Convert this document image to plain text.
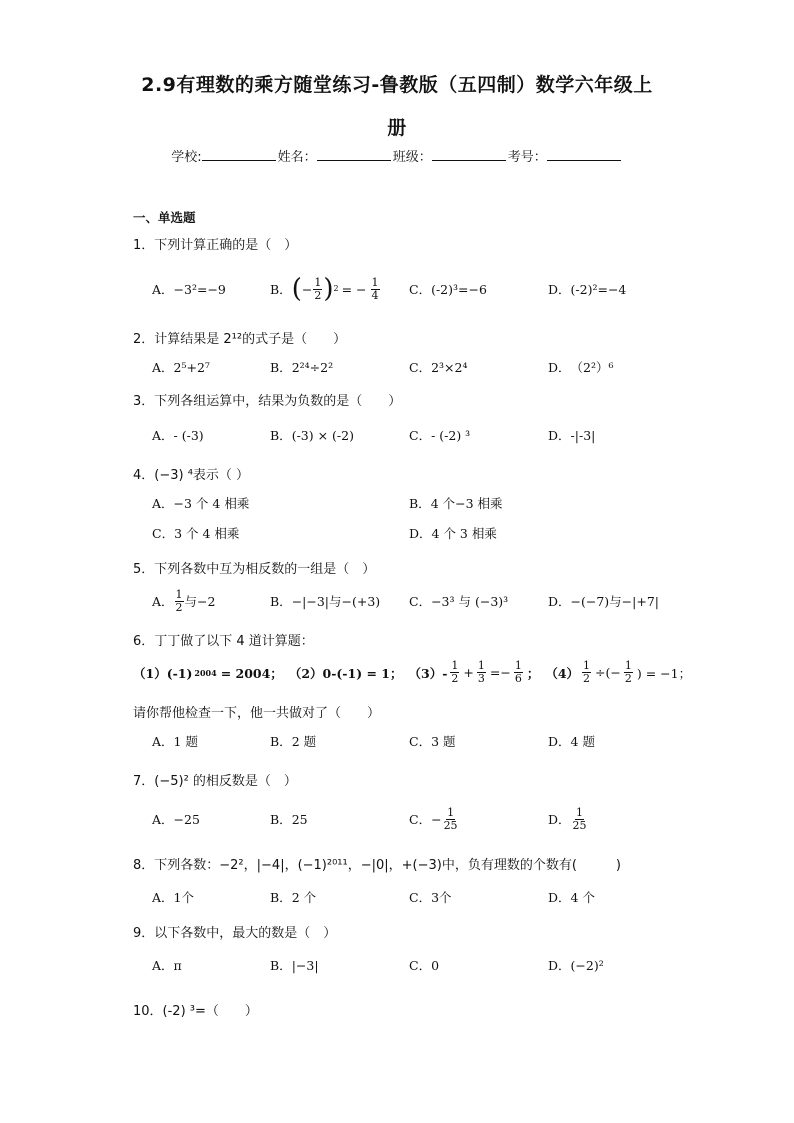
2.9有理数的乘方随堂练习-鲁教版（五四制）数学六年级上
册
学校:	姓名：	班级：	考号：
一、单选题
1．下列计算正确的是（　）
A． −3²=−9	B． ( − $\frac{1}{2}$ ) 2 = − $\frac{1}{4}$ C． (-2)³=−6	D． (-2)²=−4
2．计算结果是 2¹²的式子是（　　）
A． 2⁵+2⁷	B． 2²⁴÷2²	C． 2³×2⁴	D． （2²）⁶
3．下列各组运算中，结果为负数的是（　　）
A． - (-3)	B． (-3) × (-2)	C． - (-2) ³	D． -|-3|
4．(−3) ⁴表示（ ）
A． −3 个 4 相乘	B． 4 个−3 相乘
C． 3 个 4 相乘	D． 4 个 3 相乘
5．下列各数中互为相反数的一组是（　）
A． $\frac{1}{2}$ 与−2	B． −|−3|与−(+3) C． −3³ 与 (−3)³	D． −(−7)与−|+7|
6．丁丁做了以下 4 道计算题：
（1）(-1) 2004 = 2004； （2）0-(-1) = 1； $(3)- \frac{1}{2} + \frac{1}{3} =- \frac{1}{6}$ ； $(4) \frac{1}{2}$ ÷(− $\frac{1}{2}$ ) = −1；
请你帮他检查一下，他一共做对了（　　）
A． 1 题	B． 2 题	C． 3 题	D． 4 题
7．(−5)² 的相反数是（　）
A． −25	B． 25	C． − $\frac{1}{25}$	D． $\frac{1}{25}$
8．下列各数：−2²，|−4|，(−1)²⁰¹¹，−|0|，+(−3)中，负有理数的个数有(　　　)
A． 1个	B． 2 个	C． 3个	D． 4 个
9．以下各数中，最大的数是（　）
A． π	B． |−3|	C． 0	D． (−2)²
10．(-2) ³=（　　）
